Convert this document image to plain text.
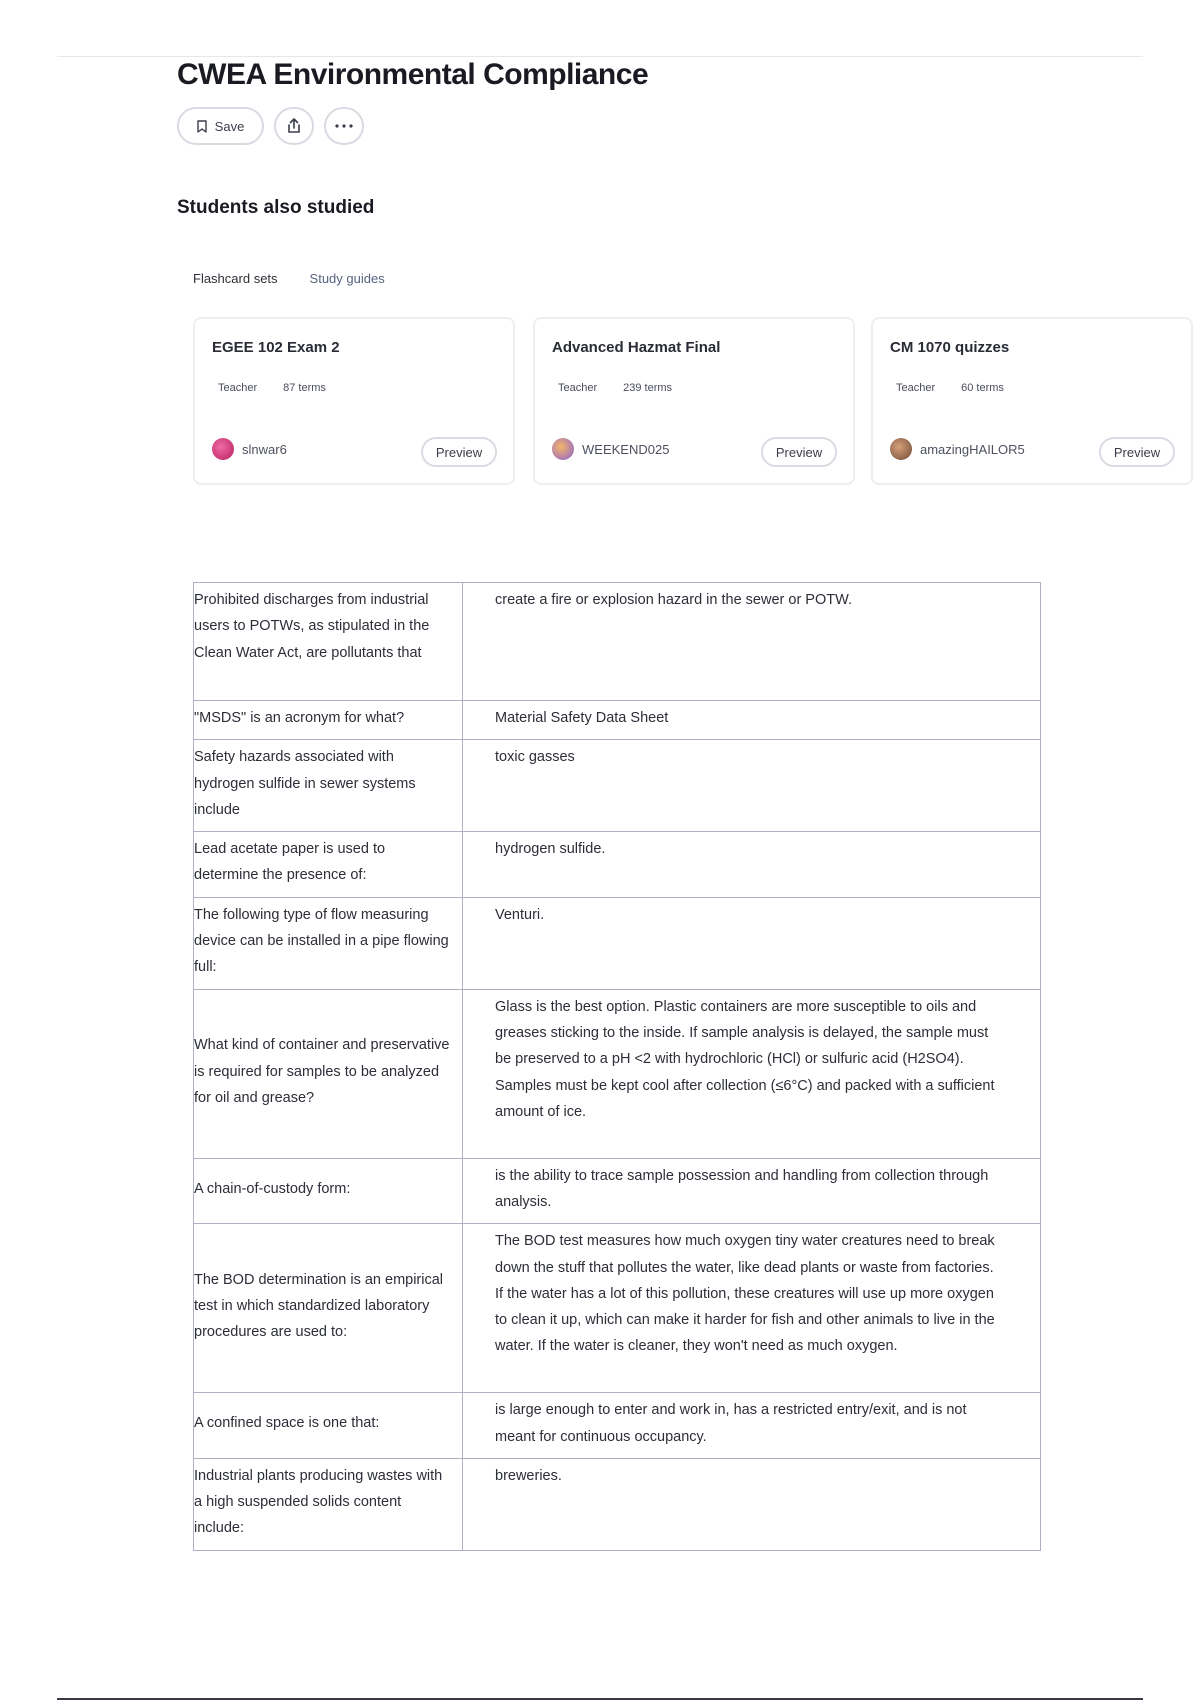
CWEA Environmental Compliance
Save
Students also studied
Flashcard sets Study guides
EGEE 102 Exam 2
Teacher 87 terms
slnwar6	Preview
Advanced Hazmat Final
Teacher 239 terms
WEEKEND025	Preview
CM 1070 quizzes
Teacher 60 terms
amazingHAILOR5	Preview
Prohibited discharges from industrial users to POTWs, as stipulated in the Clean Water Act, are pollutants that	create a fire or explosion hazard in the sewer or POTW.
"MSDS" is an acronym for what?	Material Safety Data Sheet
Safety hazards associated with hydrogen sulfide in sewer systems include	toxic gasses
Lead acetate paper is used to determine the presence of:	hydrogen sulfide.
The following type of flow measuring device can be installed in a pipe flowing full:	Venturi.
What kind of container and preservative is required for samples to be analyzed for oil and grease?	Glass is the best option. Plastic containers are more susceptible to oils and greases sticking to the inside. If sample analysis is delayed, the sample must be preserved to a pH <2 with hydrochloric (HCl) or sulfuric acid (H2SO4). Samples must be kept cool after collection (≤6°C) and packed with a sufficient amount of ice.
A chain-of-custody form:	is the ability to trace sample possession and handling from collection through analysis.
The BOD determination is an empirical test in which standardized laboratory procedures are used to:	The BOD test measures how much oxygen tiny water creatures need to break down the stuff that pollutes the water, like dead plants or waste from factories. If the water has a lot of this pollution, these creatures will use up more oxygen to clean it up, which can make it harder for fish and other animals to live in the water. If the water is cleaner, they won't need as much oxygen.
A confined space is one that:	is large enough to enter and work in, has a restricted entry/exit, and is not meant for continuous occupancy.
Industrial plants producing wastes with a high suspended solids content include:	breweries.
